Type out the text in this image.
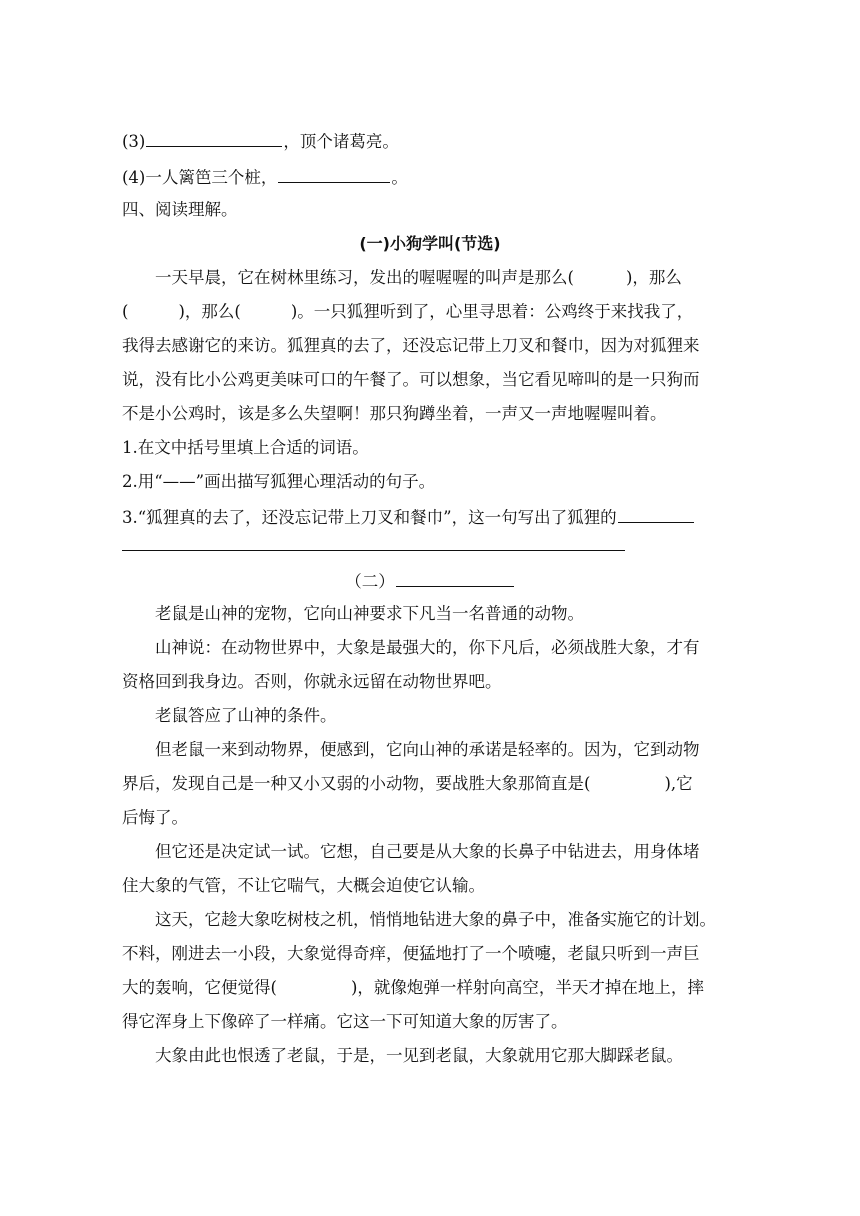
(3)	，顶个诸葛亮。
(4)一人篱笆三个桩，	。
四、阅读理解。
(一)小狗学叫(节选)
一天早晨，它在树林里练习，发出的喔喔喔的叫声是那么(	)，那么
(	)，那么(	)。一只狐狸听到了，心里寻思着：公鸡终于来找我了，
我得去感谢它的来访。狐狸真的去了，还没忘记带上刀叉和餐巾，因为对狐狸来
说，没有比小公鸡更美味可口的午餐了。可以想象，当它看见啼叫的是一只狗而
不是小公鸡时，该是多么失望啊！那只狗蹲坐着，一声又一声地喔喔叫着。
1.在文中括号里填上合适的词语。
2.用“——”画出描写狐狸心理活动的句子。
3.“狐狸真的去了，还没忘记带上刀叉和餐巾”，这一句写出了狐狸的
（二）
老鼠是山神的宠物，它向山神要求下凡当一名普通的动物。
山神说：在动物世界中，大象是最强大的，你下凡后，必须战胜大象，才有
资格回到我身边。否则，你就永远留在动物世界吧。
老鼠答应了山神的条件。
但老鼠一来到动物界，便感到，它向山神的承诺是轻率的。因为，它到动物
界后，发现自己是一种又小又弱的小动物，要战胜大象那简直是(	),它
后悔了。
但它还是决定试一试。它想，自己要是从大象的长鼻子中钻进去，用身体堵
住大象的气管，不让它喘气，大概会迫使它认输。
这天，它趁大象吃树枝之机，悄悄地钻进大象的鼻子中，准备实施它的计划。
不料，刚进去一小段，大象觉得奇痒，便猛地打了一个喷嚏，老鼠只听到一声巨
大的轰响，它便觉得(	)，就像炮弹一样射向高空，半天才掉在地上，摔
得它浑身上下像碎了一样痛。它这一下可知道大象的厉害了。
大象由此也恨透了老鼠，于是，一见到老鼠，大象就用它那大脚踩老鼠。
